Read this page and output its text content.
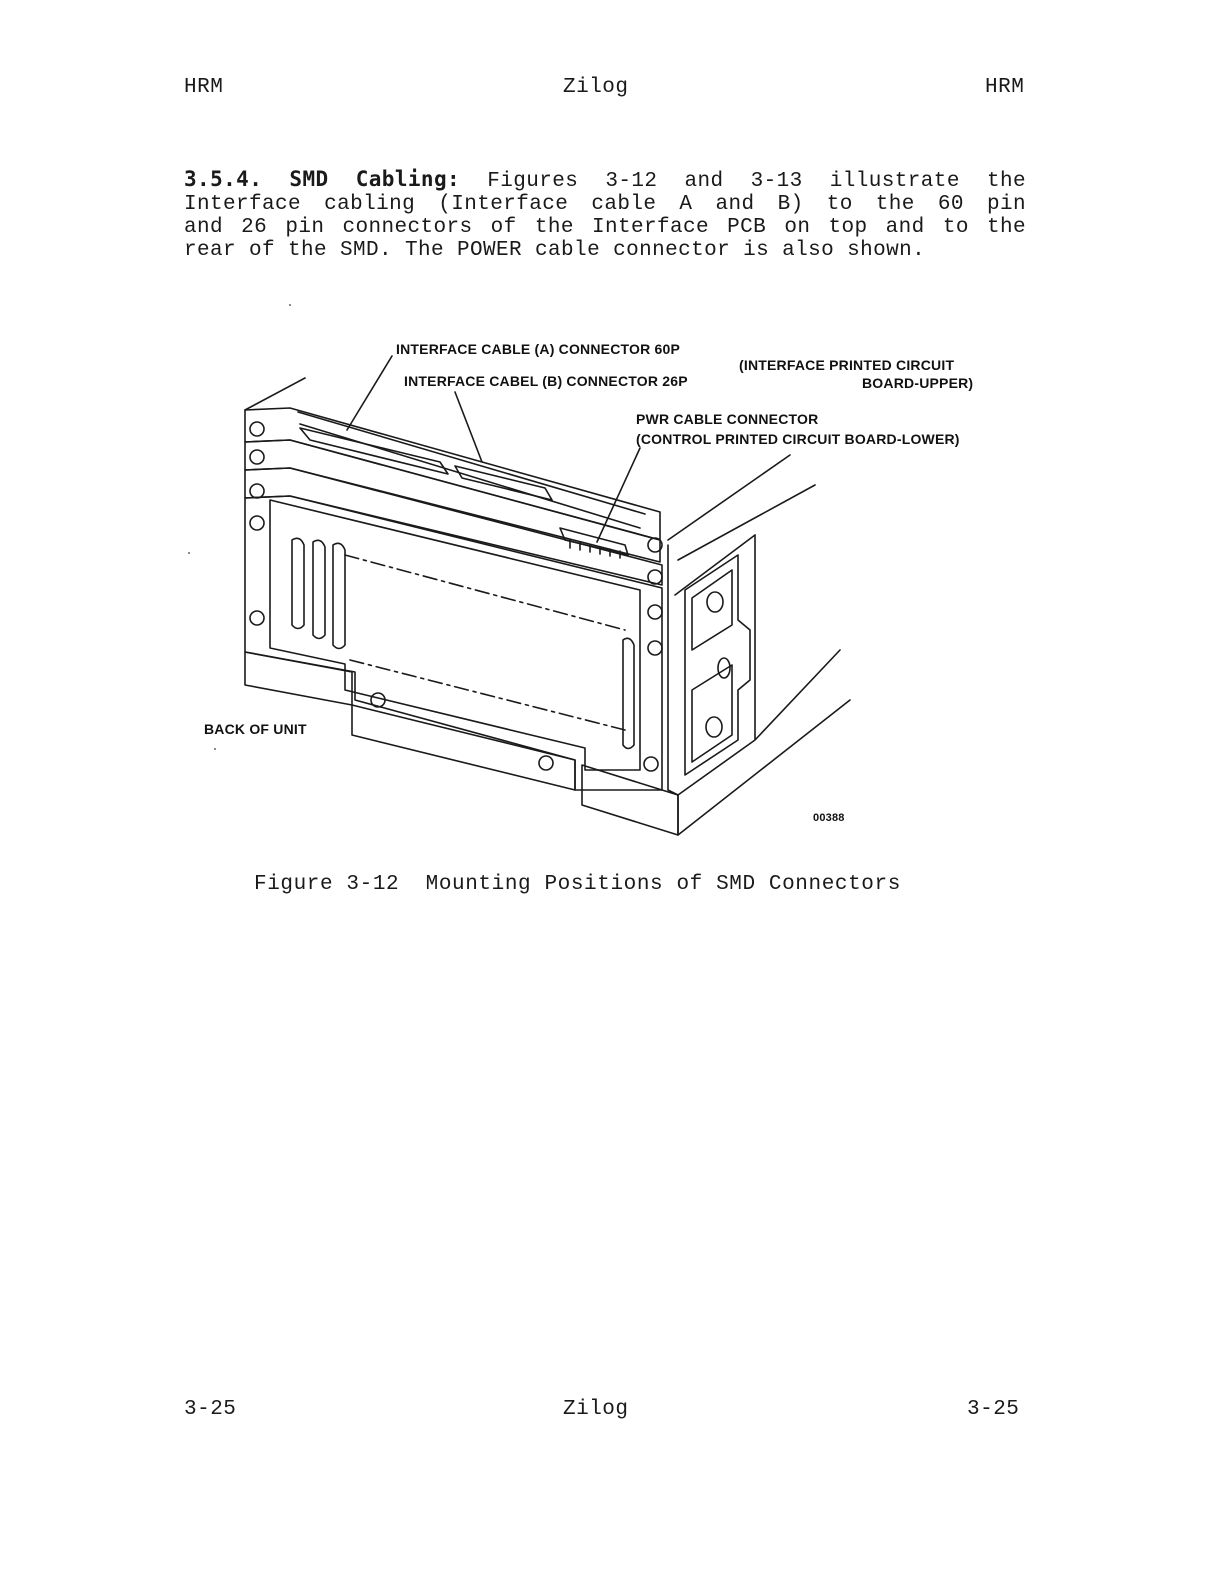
HRM	Zilog	HRM
3.5.4. SMD Cabling: Figures 3-12 and 3-13 illustrate the
Interface cabling (Interface cable A and B) to the 60 pin
and 26 pin connectors of the Interface PCB on top and to the
rear of the SMD. The POWER cable connector is also shown.
INTERFACE CABLE (A) CONNECTOR 60P
INTERFACE CABEL (B) CONNECTOR 26P
(INTERFACE PRINTED CIRCUIT
BOARD-UPPER)
PWR CABLE CONNECTOR
(CONTROL PRINTED CIRCUIT BOARD-LOWER)
BACK OF UNIT
00388
Figure 3-12  Mounting Positions of SMD Connectors
3-25	Zilog	3-25
